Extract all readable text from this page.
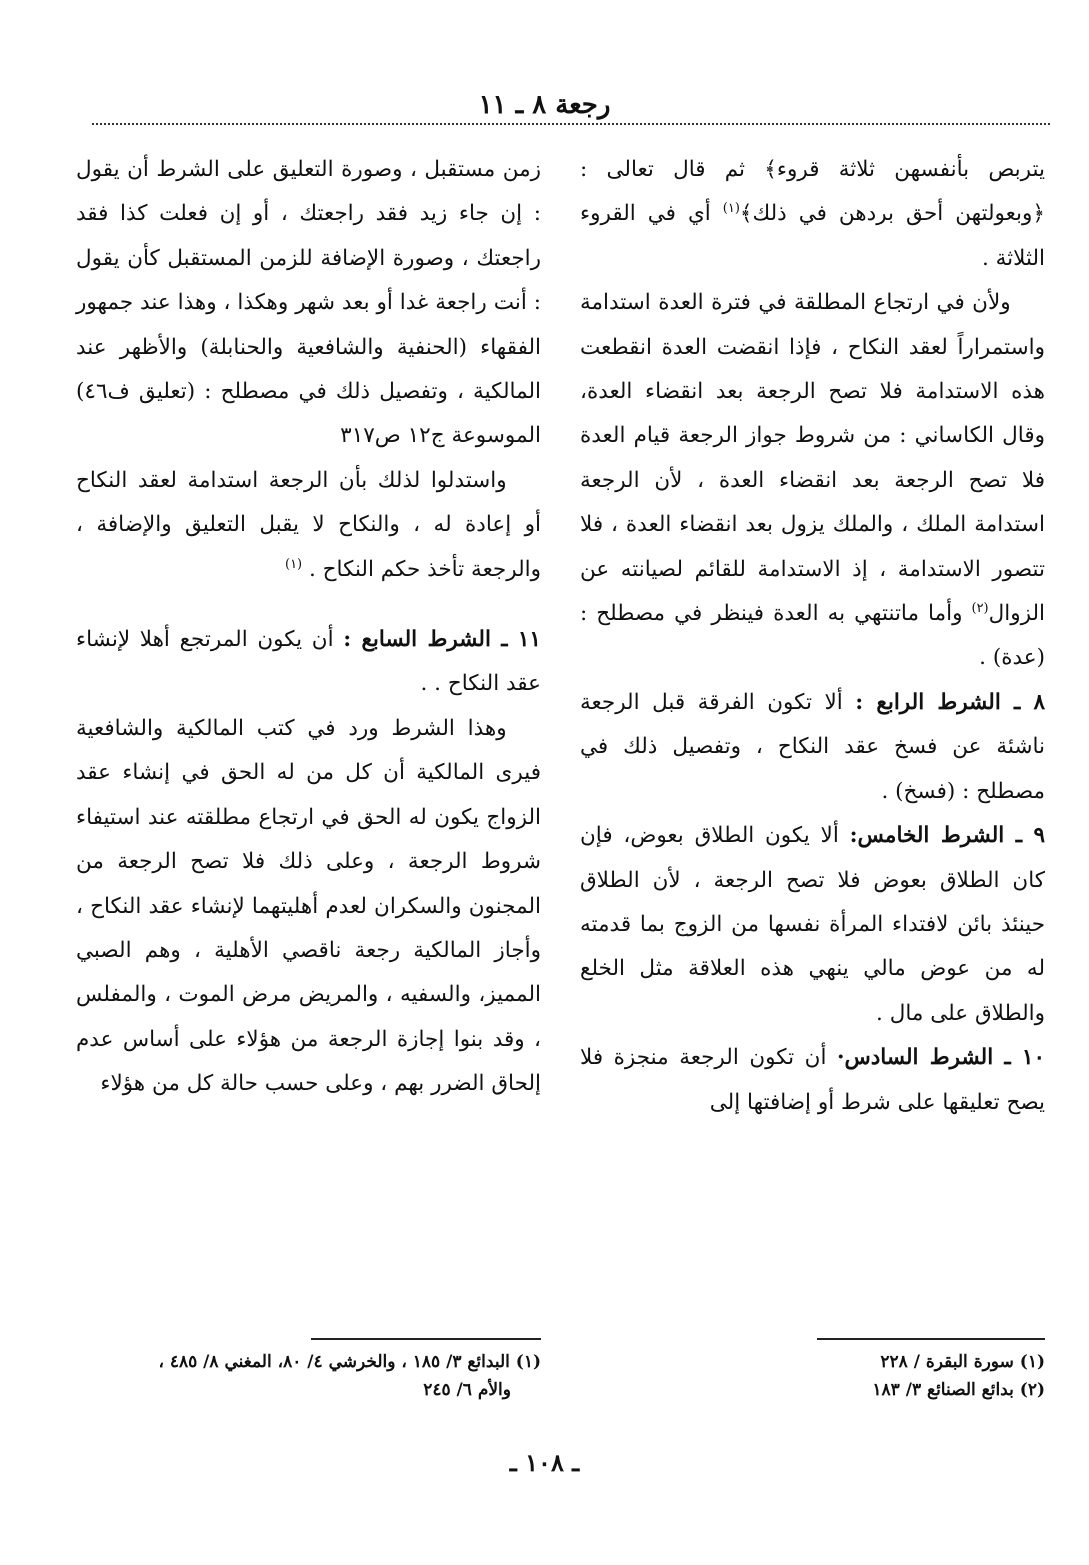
رجعة ٨ ـ ١١

يتربص بأنفسهن ثلاثة قروء﴾ ثم قال تعالى : ﴿وبعولتهن أحق بردهن في ذلك﴾$^{(١)}$ أي في القروء الثلاثة .

ولأن في ارتجاع المطلقة في فترة العدة استدامة واستمراراً لعقد النكاح ، فإذا انقضت العدة انقطعت هذه الاستدامة فلا تصح الرجعة بعد انقضاء العدة، وقال الكاساني : من شروط جواز الرجعة قيام العدة فلا تصح الرجعة بعد انقضاء العدة ، لأن الرجعة استدامة الملك ، والملك يزول بعد انقضاء العدة ، فلا تتصور الاستدامة ، إذ الاستدامة للقائم لصيانته عن الزوال$^{(٢)}$ وأما ماتنتهي به العدة فينظر في مصطلح : (عدة) .

٨ ـ الشرط الرابع : ألا تكون الفرقة قبل الرجعة ناشئة عن فسخ عقد النكاح ، وتفصيل ذلك في مصطلح : (فسخ) .

٩ ـ الشرط الخامس: ألا يكون الطلاق بعوض، فإن كان الطلاق بعوض فلا تصح الرجعة ، لأن الطلاق حينئذ بائن لافتداء المرأة نفسها من الزوج بما قدمته له من عوض مالي ينهي هذه العلاقة مثل الخلع والطلاق على مال .

١٠ ـ الشرط السادس· أن تكون الرجعة منجزة فلا يصح تعليقها على شرط أو إضافتها إلى

زمن مستقبل ، وصورة التعليق على الشرط أن يقول : إن جاء زيد فقد راجعتك ، أو إن فعلت كذا فقد راجعتك ، وصورة الإضافة للزمن المستقبل كأن يقول : أنت راجعة غدا أو بعد شهر وهكذا ، وهذا عند جمهور الفقهاء (الحنفية والشافعية والحنابلة) والأظهر عند المالكية ، وتفصيل ذلك في مصطلح : (تعليق ف٤٦) الموسوعة ج١٢ ص٣١٧

واستدلوا لذلك بأن الرجعة استدامة لعقد النكاح أو إعادة له ، والنكاح لا يقبل التعليق والإضافة ، والرجعة تأخذ حكم النكاح . $^{(١)}$

١١ ـ الشرط السابع : أن يكون المرتجع أهلا لإنشاء عقد النكاح . .

وهذا الشرط ورد في كتب المالكية والشافعية فيرى المالكية أن كل من له الحق في إنشاء عقد الزواج يكون له الحق في ارتجاع مطلقته عند استيفاء شروط الرجعة ، وعلى ذلك فلا تصح الرجعة من المجنون والسكران لعدم أهليتهما لإنشاء عقد النكاح ، وأجاز المالكية رجعة ناقصي الأهلية ، وهم الصبي المميز، والسفيه ، والمريض مرض الموت ، والمفلس ، وقد بنوا إجازة الرجعة من هؤلاء على أساس عدم إلحاق الضرر بهم ، وعلى حسب حالة كل من هؤلاء

(١) سورة البقرة / ٢٢٨

(٢) بدائع الصنائع ٣/ ١٨٣

(١) البدائع ٣/ ١٨٥ ، والخرشي ٤/ ٨٠، المغني ٨/ ٤٨٥ ،

والأم ٦/ ٢٤٥

ـ ١٠٨ ـ
